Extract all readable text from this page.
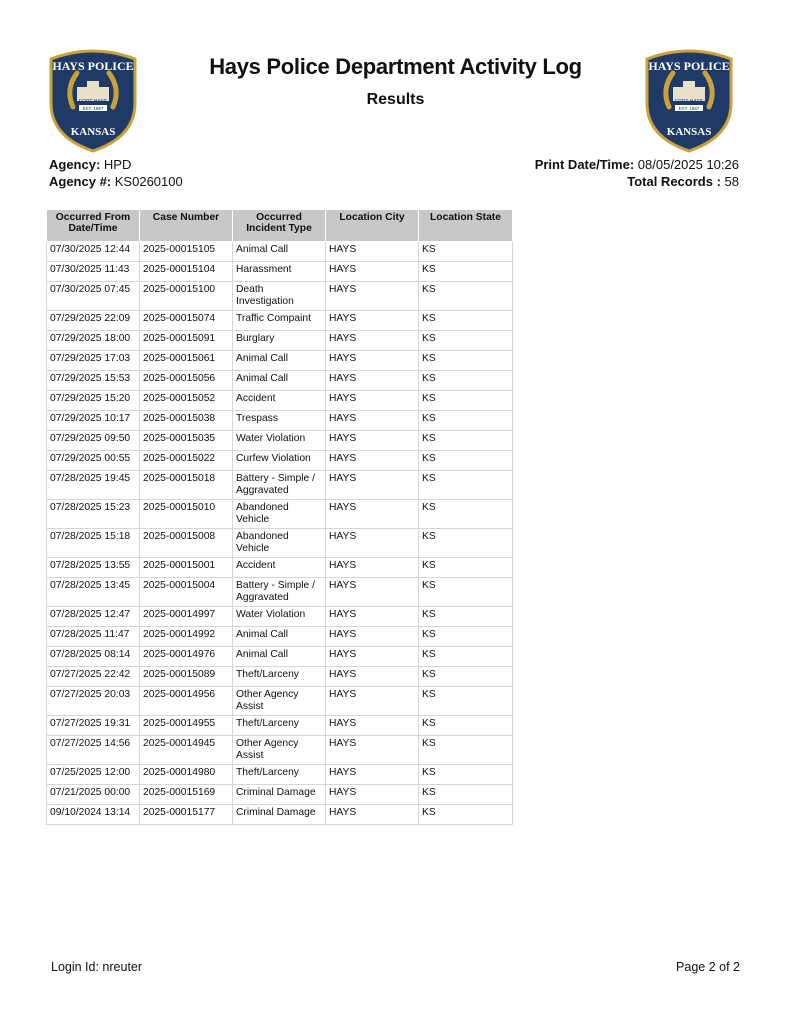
HAYS POLICE
FORT HAYS
EST. 1867
KANSAS
HAYS POLICE
FORT HAYS
EST. 1867
KANSAS
Hays Police Department Activity Log
Results
Agency: HPD
Agency #: KS0260100
Print Date/Time: 08/05/2025 10:26
Total Records : 58
Occurred From Date/Time	Case Number	Occurred Incident Type	Location City	Location State
07/30/2025 12:44	2025-00015105	Animal Call	HAYS	KS
07/30/2025 11:43	2025-00015104	Harassment	HAYS	KS
07/30/2025 07:45	2025-00015100	Death Investigation	HAYS	KS
07/29/2025 22:09	2025-00015074	Traffic Compaint	HAYS	KS
07/29/2025 18:00	2025-00015091	Burglary	HAYS	KS
07/29/2025 17:03	2025-00015061	Animal Call	HAYS	KS
07/29/2025 15:53	2025-00015056	Animal Call	HAYS	KS
07/29/2025 15:20	2025-00015052	Accident	HAYS	KS
07/29/2025 10:17	2025-00015038	Trespass	HAYS	KS
07/29/2025 09:50	2025-00015035	Water Violation	HAYS	KS
07/29/2025 00:55	2025-00015022	Curfew Violation	HAYS	KS
07/28/2025 19:45	2025-00015018	Battery - Simple / Aggravated	HAYS	KS
07/28/2025 15:23	2025-00015010	Abandoned Vehicle	HAYS	KS
07/28/2025 15:18	2025-00015008	Abandoned Vehicle	HAYS	KS
07/28/2025 13:55	2025-00015001	Accident	HAYS	KS
07/28/2025 13:45	2025-00015004	Battery - Simple / Aggravated	HAYS	KS
07/28/2025 12:47	2025-00014997	Water Violation	HAYS	KS
07/28/2025 11:47	2025-00014992	Animal Call	HAYS	KS
07/28/2025 08:14	2025-00014976	Animal Call	HAYS	KS
07/27/2025 22:42	2025-00015089	Theft/Larceny	HAYS	KS
07/27/2025 20:03	2025-00014956	Other Agency Assist	HAYS	KS
07/27/2025 19:31	2025-00014955	Theft/Larceny	HAYS	KS
07/27/2025 14:56	2025-00014945	Other Agency Assist	HAYS	KS
07/25/2025 12:00	2025-00014980	Theft/Larceny	HAYS	KS
07/21/2025 00:00	2025-00015169	Criminal Damage	HAYS	KS
09/10/2024 13:14	2025-00015177	Criminal Damage	HAYS	KS
Login Id: nreuter	Page 2 of 2
